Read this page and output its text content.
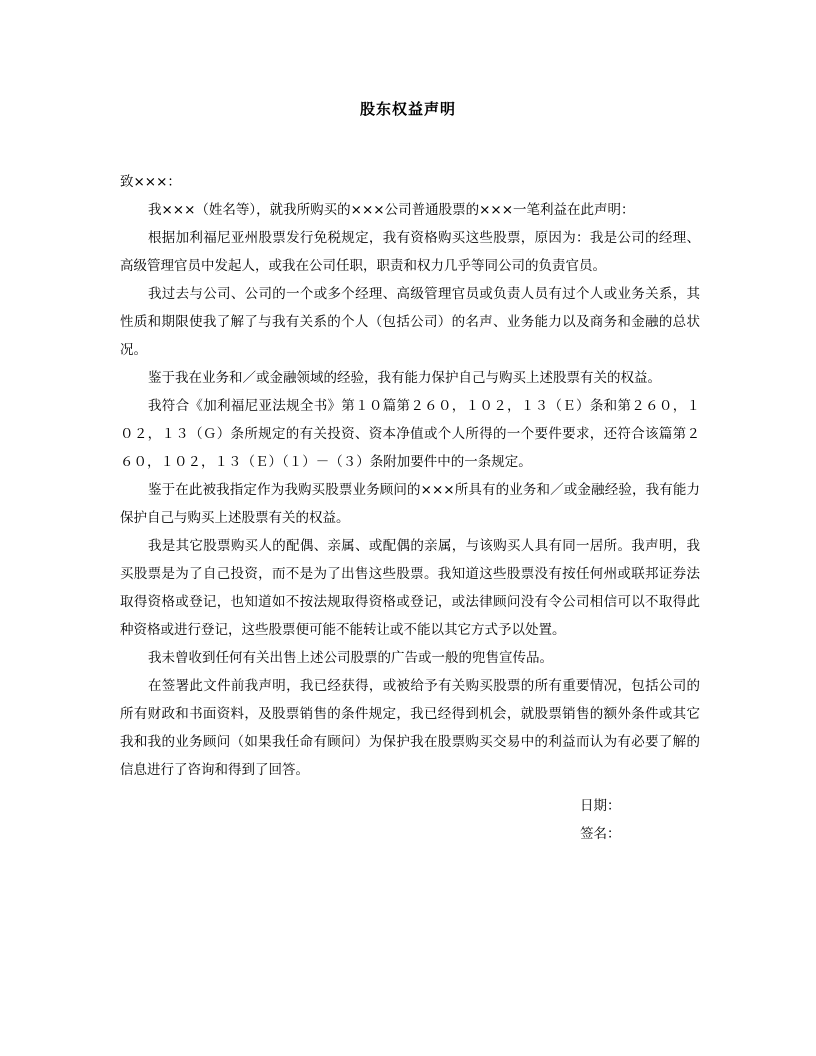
股东权益声明

致×××：

我×××（姓名等），就我所购买的×××公司普通股票的×××一笔利益在此声明：

根据加利福尼亚州股票发行免税规定，我有资格购买这些股票，原因为：我是公司的经理、高级管理官员中发起人，或我在公司任职，职责和权力几乎等同公司的负责官员。

我过去与公司、公司的一个或多个经理、高级管理官员或负责人员有过个人或业务关系，其性质和期限使我了解了与我有关系的个人（包括公司）的名声、业务能力以及商务和金融的总状况。

鉴于我在业务和／或金融领域的经验，我有能力保护自己与购买上述股票有关的权益。

我符合《加利福尼亚法规全书》第１０篇第２６０，１０２，１３（Ｅ）条和第２６０，１０２，１３（Ｇ）条所规定的有关投资、资本净值或个人所得的一个要件要求，还符合该篇第２６０，１０２，１３（Ｅ）（１）－（３）条附加要件中的一条规定。

鉴于在此被我指定作为我购买股票业务顾问的×××所具有的业务和／或金融经验，我有能力保护自己与购买上述股票有关的权益。

我是其它股票购买人的配偶、亲属、或配偶的亲属，与该购买人具有同一居所。我声明，我买股票是为了自己投资，而不是为了出售这些股票。我知道这些股票没有按任何州或联邦证券法取得资格或登记，也知道如不按法规取得资格或登记，或法律顾问没有令公司相信可以不取得此种资格或进行登记，这些股票便可能不能转让或不能以其它方式予以处置。

我未曾收到任何有关出售上述公司股票的广告或一般的兜售宣传品。

在签署此文件前我声明，我已经获得，或被给予有关购买股票的所有重要情况，包括公司的所有财政和书面资料，及股票销售的条件规定，我已经得到机会，就股票销售的额外条件或其它我和我的业务顾问（如果我任命有顾问）为保护我在股票购买交易中的利益而认为有必要了解的信息进行了咨询和得到了回答。

日期：
签名：
